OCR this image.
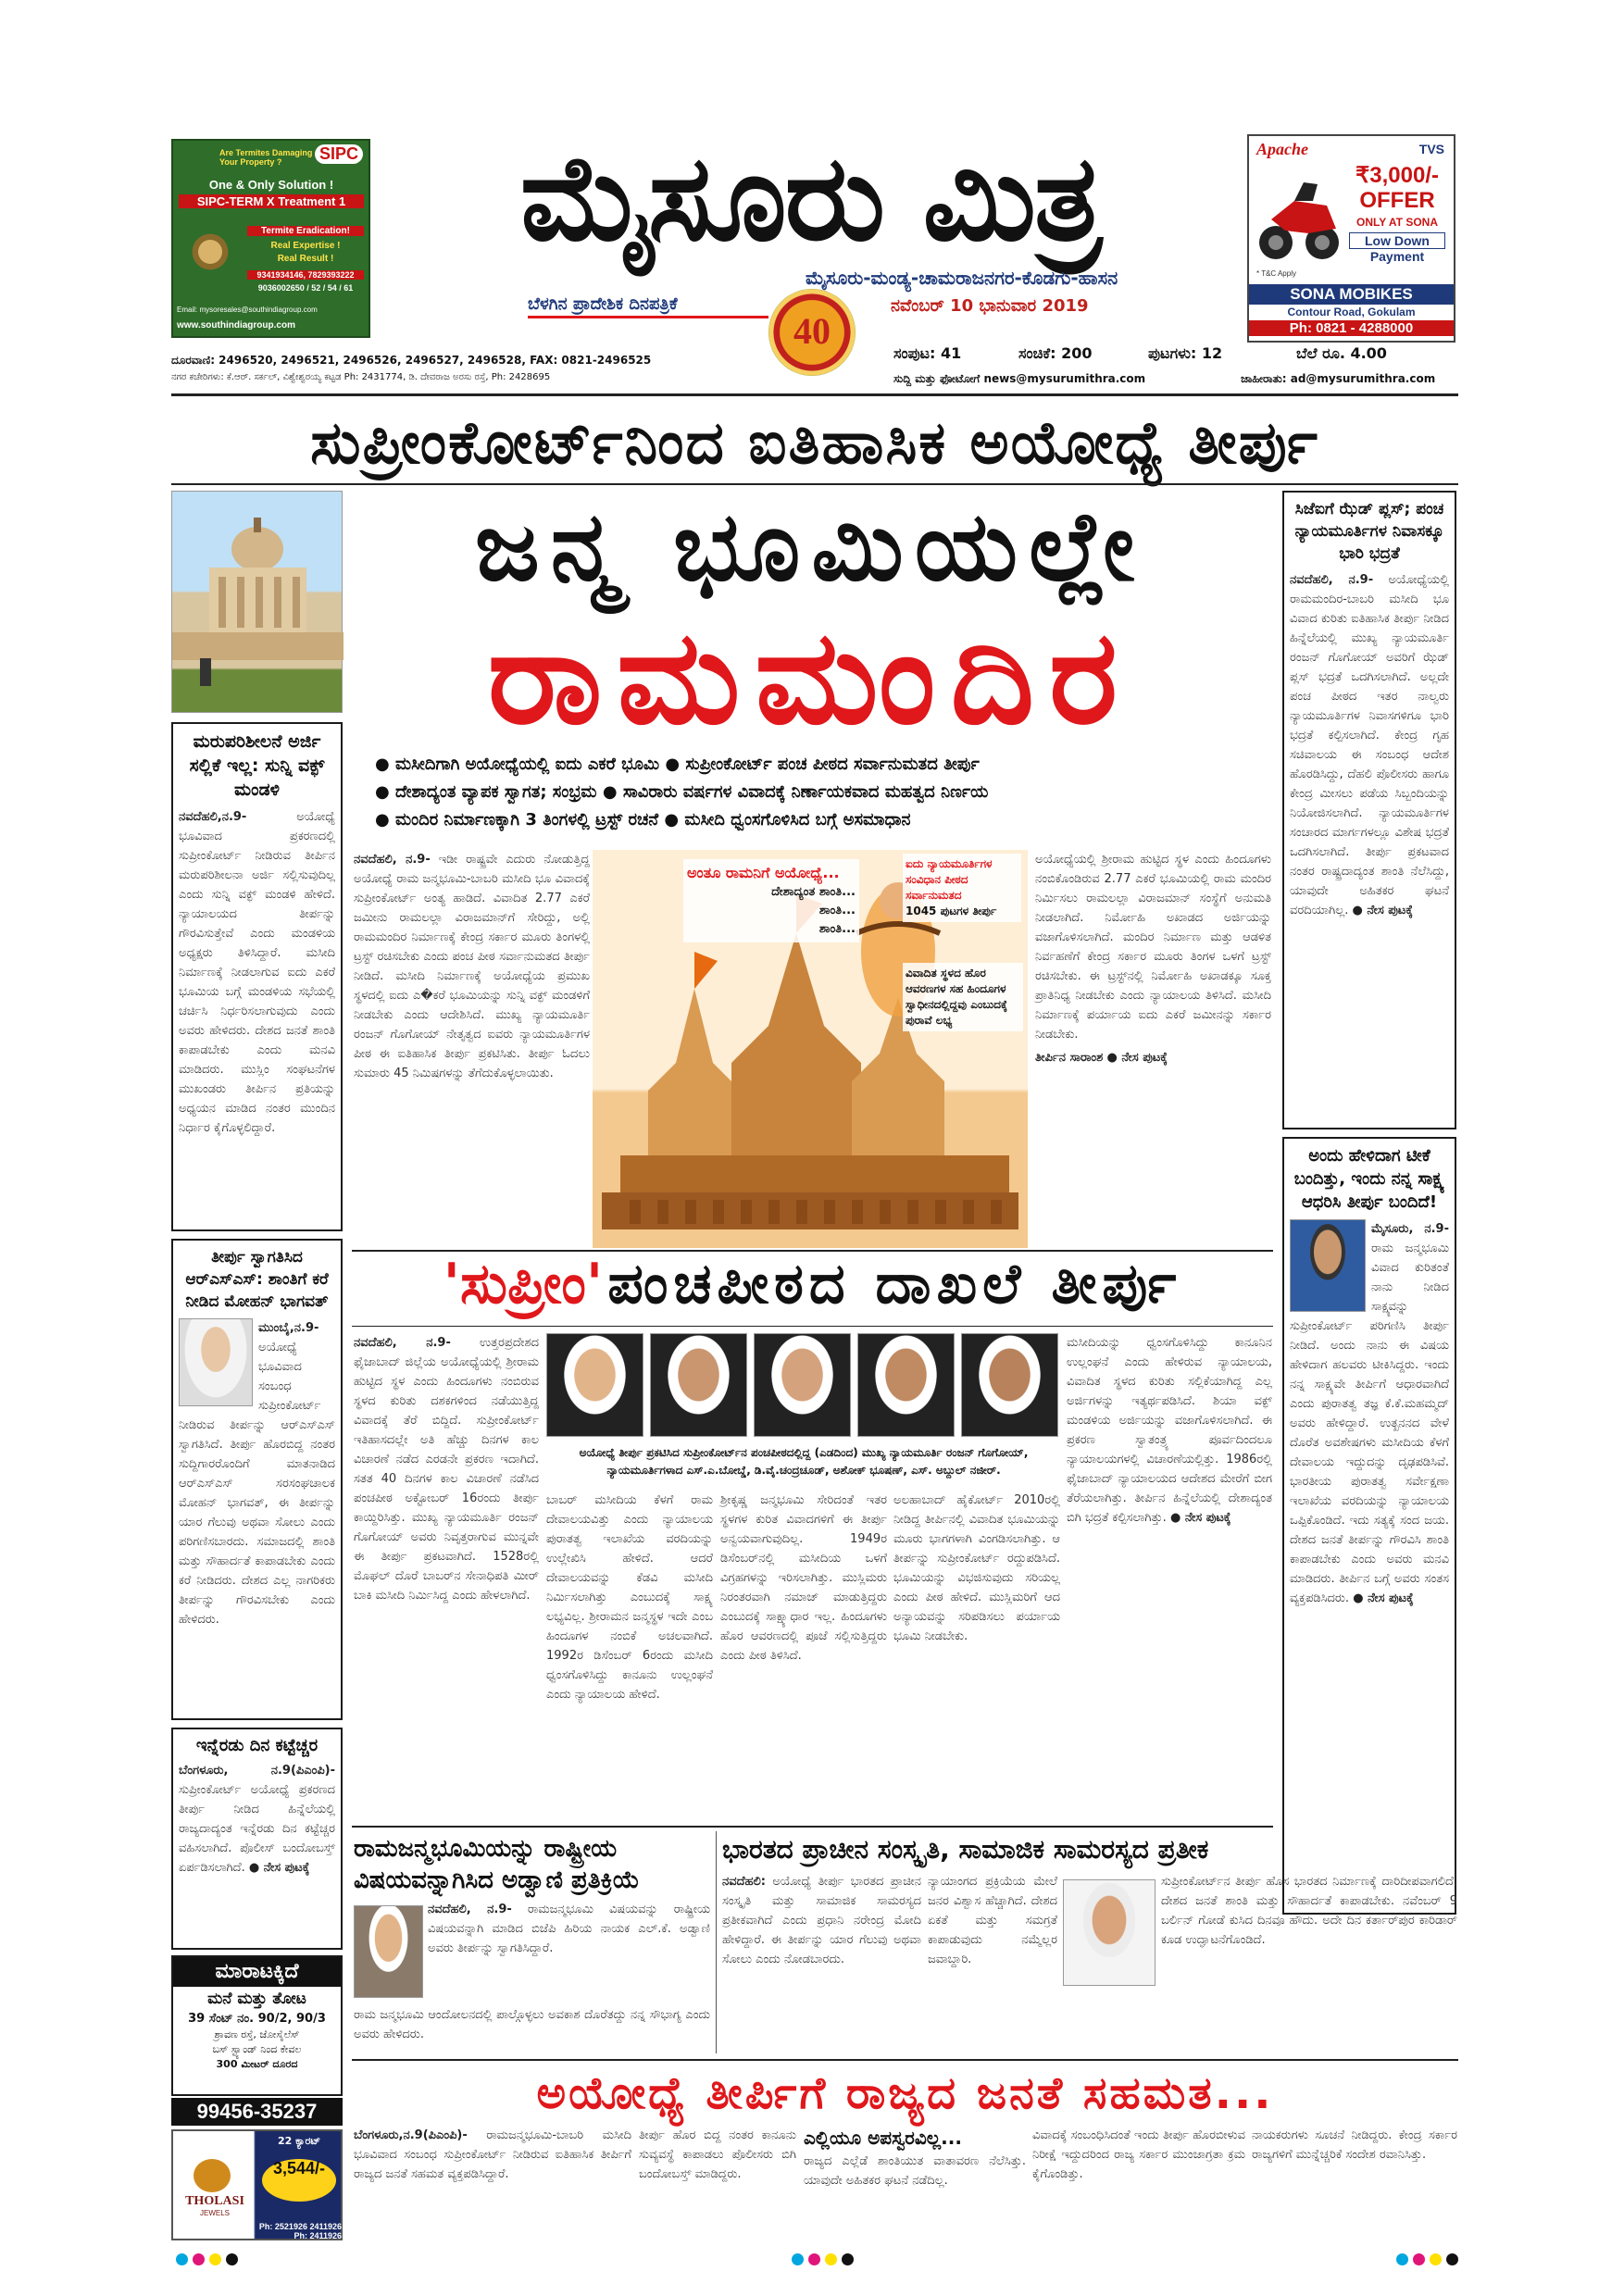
SIPC
Are Termites Damaging Your Property ?
One & Only Solution !
SIPC-TERM X Treatment 1
Termite Eradication!
Real Expertise !
Real Result !
9341934146, 7829393222
9036002650 / 52 / 54 / 61
Email: mysoresales@southindiagroup.com
www.southindiagroup.com
ಮೈಸೂರು ಮಿತ್ರ
ಮೈಸೂರು-ಮಂಡ್ಯ-ಚಾಮರಾಜನಗರ-ಕೊಡಗು-ಹಾಸನ
ಬೆಳಗಿನ ಪ್ರಾದೇಶಿಕ ದಿನಪತ್ರಿಕೆ
40
ನವೆಂಬರ್ 10 ಭಾನುವಾರ 2019
Apache	TVS
₹3,000/-
OFFER
ONLY AT SONA
Low Down
Payment
* T&C Apply
SONA MOBIKES
Contour Road, Gokulam
Ph: 0821 - 4288000
ದೂರವಾಣಿ: 2496520, 2496521, 2496526, 2496527, 2496528, FAX: 0821-2496525
ನಗರ ಕಚೇರಿಗಳು: ಕೆ.ಆರ್. ಸರ್ಕಲ್, ವಿಶ್ವೇಶ್ವರಯ್ಯ ಕಟ್ಟಡ Ph: 2431774, ಡಿ. ದೇವರಾಜ ಅರಸು ರಸ್ತೆ, Ph: 2428695
ಸಂಪುಟ: 41	ಸಂಚಿಕೆ: 200	ಪುಟಗಳು: 12	ಬೆಲೆ ರೂ. 4.00
ಸುದ್ದಿ ಮತ್ತು ಫೋಟೋಗೆ news@mysurumithra.com	ಜಾಹೀರಾತು: ad@mysurumithra.com
ಸುಪ್ರೀಂಕೋರ್ಟ್‌ನಿಂದ ಐತಿಹಾಸಿಕ ಅಯೋಧ್ಯೆ ತೀರ್ಪು
ಜನ್ಮ ಭೂಮಿಯಲ್ಲೇ
ರಾಮಮಂದಿರ
● ಮಸೀದಿಗಾಗಿ ಅಯೋಧ್ಯೆಯಲ್ಲಿ ಐದು ಎಕರೆ ಭೂಮಿ ● ಸುಪ್ರೀಂಕೋರ್ಟ್ ಪಂಚ ಪೀಠದ ಸರ್ವಾನುಮತದ ತೀರ್ಪು
● ದೇಶಾದ್ಯಂತ ವ್ಯಾಪಕ ಸ್ವಾಗತ; ಸಂಭ್ರಮ ● ಸಾವಿರಾರು ವರ್ಷಗಳ ವಿವಾದಕ್ಕೆ ನಿರ್ಣಾಯಕವಾದ ಮಹತ್ವದ ನಿರ್ಣಯ
● ಮಂದಿರ ನಿರ್ಮಾಣಕ್ಕಾಗಿ 3 ತಿಂಗಳಲ್ಲಿ ಟ್ರಸ್ಟ್ ರಚನೆ ● ಮಸೀದಿ ಧ್ವಂಸಗೊಳಿಸಿದ ಬಗ್ಗೆ ಅಸಮಾಧಾನ
ಮರುಪರಿಶೀಲನೆ ಅರ್ಜಿ ಸಲ್ಲಿಕೆ ಇಲ್ಲ: ಸುನ್ನಿ ವಕ್ಫ್ ಮಂಡಳಿ
ನವದೆಹಲಿ,ನ.9-	ಅಯೋಧ್ಯೆ ಭೂವಿವಾದ ಪ್ರಕರಣದಲ್ಲಿ ಸುಪ್ರೀಂಕೋರ್ಟ್ ನೀಡಿರುವ ತೀರ್ಪಿನ ಮರುಪರಿಶೀಲನಾ ಅರ್ಜಿ ಸಲ್ಲಿಸುವುದಿಲ್ಲ ಎಂದು ಸುನ್ನಿ ವಕ್ಫ್ ಮಂಡಳಿ ಹೇಳಿದೆ. ನ್ಯಾಯಾಲಯದ ತೀರ್ಪನ್ನು ಗೌರವಿಸುತ್ತೇವೆ ಎಂದು ಮಂಡಳಿಯ ಅಧ್ಯಕ್ಷರು ತಿಳಿಸಿದ್ದಾರೆ. ಮಸೀದಿ ನಿರ್ಮಾಣಕ್ಕೆ ನೀಡಲಾಗುವ ಐದು ಎಕರೆ ಭೂಮಿಯ ಬಗ್ಗೆ ಮಂಡಳಿಯ ಸಭೆಯಲ್ಲಿ ಚರ್ಚಿಸಿ ನಿರ್ಧರಿಸಲಾಗುವುದು ಎಂದು ಅವರು ಹೇಳಿದರು. ದೇಶದ ಜನತೆ ಶಾಂತಿ ಕಾಪಾಡಬೇಕು ಎಂದು ಮನವಿ ಮಾಡಿದರು. ಮುಸ್ಲಿಂ ಸಂಘಟನೆಗಳ ಮುಖಂಡರು ತೀರ್ಪಿನ ಪ್ರತಿಯನ್ನು ಅಧ್ಯಯನ ಮಾಡಿದ ನಂತರ ಮುಂದಿನ ನಿರ್ಧಾರ ಕೈಗೊಳ್ಳಲಿದ್ದಾರೆ.
ತೀರ್ಪು ಸ್ವಾಗತಿಸಿದ ಆರ್‌ಎಸ್‌ಎಸ್: ಶಾಂತಿಗೆ ಕರೆ ನೀಡಿದ ಮೋಹನ್ ಭಾಗವತ್
ಮುಂಬೈ,ನ.9- ಅಯೋಧ್ಯೆ ಭೂವಿವಾದ ಸಂಬಂಧ ಸುಪ್ರೀಂಕೋರ್ಟ್ ನೀಡಿರುವ ತೀರ್ಪನ್ನು ಆರ್‌ಎಸ್‌ಎಸ್ ಸ್ವಾಗತಿಸಿದೆ. ತೀರ್ಪು ಹೊರಬಿದ್ದ ನಂತರ ಸುದ್ದಿಗಾರರೊಂದಿಗೆ ಮಾತನಾಡಿದ ಆರ್‌ಎಸ್‌ಎಸ್ ಸರಸಂಘಚಾಲಕ ಮೋಹನ್ ಭಾಗವತ್, ಈ ತೀರ್ಪನ್ನು ಯಾರ ಗೆಲುವು ಅಥವಾ ಸೋಲು ಎಂದು ಪರಿಗಣಿಸಬಾರದು. ಸಮಾಜದಲ್ಲಿ ಶಾಂತಿ ಮತ್ತು ಸೌಹಾರ್ದತೆ ಕಾಪಾಡಬೇಕು ಎಂದು ಕರೆ ನೀಡಿದರು. ದೇಶದ ಎಲ್ಲ ನಾಗರಿಕರು ತೀರ್ಪನ್ನು ಗೌರವಿಸಬೇಕು ಎಂದು ಹೇಳಿದರು.
ಇನ್ನೆರಡು ದಿನ ಕಟ್ಟೆಚ್ಚರ
ಬೆಂಗಳೂರು, ನ.9(ಪಿಎಂಪಿ)- ಸುಪ್ರೀಂಕೋರ್ಟ್ ಅಯೋಧ್ಯೆ ಪ್ರಕರಣದ ತೀರ್ಪು ನೀಡಿದ ಹಿನ್ನೆಲೆಯಲ್ಲಿ ರಾಜ್ಯದಾದ್ಯಂತ ಇನ್ನೆರಡು ದಿನ ಕಟ್ಟೆಚ್ಚರ ವಹಿಸಲಾಗಿದೆ. ಪೊಲೀಸ್ ಬಂದೋಬಸ್ತ್ ಏರ್ಪಡಿಸಲಾಗಿದೆ. ● ನೇಸ ಪುಟಕ್ಕೆ
ಮಾರಾಟಕ್ಕಿದೆ
ಮನೆ ಮತ್ತು ತೋಟ
39 ಸೆಂಟ್ ನಂ. 90/2, 90/3
ಶ್ರಾವಣ ರಸ್ತೆ, ಜೋಸೈಲೆಸ್
ಬಸ್ ಸ್ಟ್ಯಾಂಡ್ ನಿಂದ ಕೇವಲ
300 ಮೀಟರ್ ದೂರದ
99456-35237
THOLASI
JEWELS
22 ಕ್ಯಾರಟ್
3,544/-
Ph: 2521926 2411926
Ph: 2411926
ಸಿಜೆಐಗೆ ಝೆಡ್ ಪ್ಲಸ್; ಪಂಚ ನ್ಯಾಯಮೂರ್ತಿಗಳ ನಿವಾಸಕ್ಕೂ ಭಾರಿ ಭದ್ರತೆ
ನವದೆಹಲಿ, ನ.9- ಅಯೋಧ್ಯೆಯಲ್ಲಿ ರಾಮಮಂದಿರ-ಬಾಬರಿ ಮಸೀದಿ ಭೂ ವಿವಾದ ಕುರಿತು ಐತಿಹಾಸಿಕ ತೀರ್ಪು ನೀಡಿದ ಹಿನ್ನೆಲೆಯಲ್ಲಿ ಮುಖ್ಯ ನ್ಯಾಯಮೂರ್ತಿ ರಂಜನ್ ಗೊಗೋಯ್ ಅವರಿಗೆ ಝೆಡ್ ಪ್ಲಸ್ ಭದ್ರತೆ ಒದಗಿಸಲಾಗಿದೆ. ಅಲ್ಲದೇ ಪಂಚ ಪೀಠದ ಇತರ ನಾಲ್ವರು ನ್ಯಾಯಮೂರ್ತಿಗಳ ನಿವಾಸಗಳಿಗೂ ಭಾರಿ ಭದ್ರತೆ ಕಲ್ಪಿಸಲಾಗಿದೆ. ಕೇಂದ್ರ ಗೃಹ ಸಚಿವಾಲಯ ಈ ಸಂಬಂಧ ಆದೇಶ ಹೊರಡಿಸಿದ್ದು, ದೆಹಲಿ ಪೊಲೀಸರು ಹಾಗೂ ಕೇಂದ್ರ ಮೀಸಲು ಪಡೆಯ ಸಿಬ್ಬಂದಿಯನ್ನು ನಿಯೋಜಿಸಲಾಗಿದೆ. ನ್ಯಾಯಮೂರ್ತಿಗಳ ಸಂಚಾರದ ಮಾರ್ಗಗಳಲ್ಲೂ ವಿಶೇಷ ಭದ್ರತೆ ಒದಗಿಸಲಾಗಿದೆ. ತೀರ್ಪು ಪ್ರಕಟವಾದ ನಂತರ ರಾಷ್ಟ್ರದಾದ್ಯಂತ ಶಾಂತಿ ನೆಲೆಸಿದ್ದು, ಯಾವುದೇ ಅಹಿತಕರ ಘಟನೆ ವರದಿಯಾಗಿಲ್ಲ. ● ನೇಸ ಪುಟಕ್ಕೆ
ಅಂದು ಹೇಳಿದಾಗ ಟೀಕೆ ಬಂದಿತ್ತು, ಇಂದು ನನ್ನ ಸಾಕ್ಷ್ಯ ಆಧರಿಸಿ ತೀರ್ಪು ಬಂದಿದೆ!
ಮೈಸೂರು, ನ.9- ರಾಮ ಜನ್ಮಭೂಮಿ ವಿವಾದ ಕುರಿತಂತೆ ನಾನು ನೀಡಿದ ಸಾಕ್ಷ್ಯವನ್ನು ಸುಪ್ರೀಂಕೋರ್ಟ್ ಪರಿಗಣಿಸಿ ತೀರ್ಪು ನೀಡಿದೆ. ಅಂದು ನಾನು ಈ ವಿಷಯ ಹೇಳಿದಾಗ ಹಲವರು ಟೀಕಿಸಿದ್ದರು. ಇಂದು ನನ್ನ ಸಾಕ್ಷ್ಯವೇ ತೀರ್ಪಿಗೆ ಆಧಾರವಾಗಿದೆ ಎಂದು ಪುರಾತತ್ವ ತಜ್ಞ ಕೆ.ಕೆ.ಮಹಮ್ಮದ್ ಅವರು ಹೇಳಿದ್ದಾರೆ. ಉತ್ಖನನದ ವೇಳೆ ದೊರೆತ ಅವಶೇಷಗಳು ಮಸೀದಿಯ ಕೆಳಗೆ ದೇವಾಲಯ ಇದ್ದುದನ್ನು ದೃಢಪಡಿಸಿವೆ. ಭಾರತೀಯ ಪುರಾತತ್ವ ಸರ್ವೇಕ್ಷಣಾ ಇಲಾಖೆಯ ವರದಿಯನ್ನು ನ್ಯಾಯಾಲಯ ಒಪ್ಪಿಕೊಂಡಿದೆ. ಇದು ಸತ್ಯಕ್ಕೆ ಸಂದ ಜಯ. ದೇಶದ ಜನತೆ ತೀರ್ಪನ್ನು ಗೌರವಿಸಿ ಶಾಂತಿ ಕಾಪಾಡಬೇಕು ಎಂದು ಅವರು ಮನವಿ ಮಾಡಿದರು. ತೀರ್ಪಿನ ಬಗ್ಗೆ ಅವರು ಸಂತಸ ವ್ಯಕ್ತಪಡಿಸಿದರು. ● ನೇಸ ಪುಟಕ್ಕೆ
ನವದೆಹಲಿ, ನ.9- ಇಡೀ ರಾಷ್ಟ್ರವೇ ಎದುರು ನೋಡುತ್ತಿದ್ದ ಅಯೋಧ್ಯೆ ರಾಮ ಜನ್ಮಭೂಮಿ-ಬಾಬರಿ ಮಸೀದಿ ಭೂ ವಿವಾದಕ್ಕೆ ಸುಪ್ರೀಂಕೋರ್ಟ್ ಅಂತ್ಯ ಹಾಡಿದೆ. ವಿವಾದಿತ 2.77 ಎಕರೆ ಜಮೀನು ರಾಮಲಲ್ಲಾ ವಿರಾಜಮಾನ್‌ಗೆ ಸೇರಿದ್ದು, ಅಲ್ಲಿ ರಾಮಮಂದಿರ ನಿರ್ಮಾಣಕ್ಕೆ ಕೇಂದ್ರ ಸರ್ಕಾರ ಮೂರು ತಿಂಗಳಲ್ಲಿ ಟ್ರಸ್ಟ್ ರಚಿಸಬೇಕು ಎಂದು ಪಂಚ ಪೀಠ ಸರ್ವಾನುಮತದ ತೀರ್ಪು ನೀಡಿದೆ. ಮಸೀದಿ ನಿರ್ಮಾಣಕ್ಕೆ ಅಯೋಧ್ಯೆಯ ಪ್ರಮುಖ ಸ್ಥಳದಲ್ಲಿ ಐದು ಎ�ಕರೆ ಭೂಮಿಯನ್ನು ಸುನ್ನಿ ವಕ್ಫ್ ಮಂಡಳಿಗೆ ನೀಡಬೇಕು ಎಂದು ಆದೇಶಿಸಿದೆ. ಮುಖ್ಯ ನ್ಯಾಯಮೂರ್ತಿ ರಂಜನ್ ಗೊಗೋಯ್ ನೇತೃತ್ವದ ಐವರು ನ್ಯಾಯಮೂರ್ತಿಗಳ ಪೀಠ ಈ ಐತಿಹಾಸಿಕ ತೀರ್ಪು ಪ್ರಕಟಿಸಿತು. ತೀರ್ಪು ಓದಲು ಸುಮಾರು 45 ನಿಮಿಷಗಳನ್ನು ತೆಗೆದುಕೊಳ್ಳಲಾಯಿತು.
ಅಂತೂ ರಾಮನಿಗೆ ಅಯೋಧ್ಯೆ...
ದೇಶಾದ್ಯಂತ ಶಾಂತಿ...
ಶಾಂತಿ...
ಶಾಂತಿ...
ಐದು ನ್ಯಾಯಮೂರ್ತಿಗಳ ಸಂವಿಧಾನ ಪೀಠದ ಸರ್ವಾನುಮತದ
1045 ಪುಟಗಳ ತೀರ್ಪು
ವಿವಾದಿತ ಸ್ಥಳದ ಹೊರ ಆವರಣಗಳ ಸಹ ಹಿಂದೂಗಳ ಸ್ವಾಧೀನದಲ್ಲಿದ್ದವು ಎಂಬುದಕ್ಕೆ ಪುರಾವೆ ಲಭ್ಯ
ಅಯೋಧ್ಯೆಯಲ್ಲಿ ಶ್ರೀರಾಮ ಹುಟ್ಟಿದ ಸ್ಥಳ ಎಂದು ಹಿಂದೂಗಳು ನಂಬಿಕೊಂಡಿರುವ 2.77 ಎಕರೆ ಭೂಮಿಯಲ್ಲಿ ರಾಮ ಮಂದಿರ ನಿರ್ಮಿಸಲು ರಾಮಲಲ್ಲಾ ವಿರಾಜಮಾನ್ ಸಂಸ್ಥೆಗೆ ಅನುಮತಿ ನೀಡಲಾಗಿದೆ. ನಿರ್ಮೋಹಿ ಅಖಾಡದ ಅರ್ಜಿಯನ್ನು ವಜಾಗೊಳಿಸಲಾಗಿದೆ. ಮಂದಿರ ನಿರ್ಮಾಣ ಮತ್ತು ಆಡಳಿತ ನಿರ್ವಹಣೆಗೆ ಕೇಂದ್ರ ಸರ್ಕಾರ ಮೂರು ತಿಂಗಳ ಒಳಗೆ ಟ್ರಸ್ಟ್ ರಚಿಸಬೇಕು. ಈ ಟ್ರಸ್ಟ್‌ನಲ್ಲಿ ನಿರ್ಮೋಹಿ ಅಖಾಡಕ್ಕೂ ಸೂಕ್ತ ಪ್ರಾತಿನಿಧ್ಯ ನೀಡಬೇಕು ಎಂದು ನ್ಯಾಯಾಲಯ ತಿಳಿಸಿದೆ. ಮಸೀದಿ ನಿರ್ಮಾಣಕ್ಕೆ ಪರ್ಯಾಯ ಐದು ಎಕರೆ ಜಮೀನನ್ನು ಸರ್ಕಾರ ನೀಡಬೇಕು.
ತೀರ್ಪಿನ ಸಾರಾಂಶ ● ನೇಸ ಪುಟಕ್ಕೆ
'ಸುಪ್ರೀಂ' ಪಂಚಪೀಠದ ದಾಖಲೆ ತೀರ್ಪು
ನವದೆಹಲಿ, ನ.9- ಉತ್ತರಪ್ರದೇಶದ ಫೈಜಾಬಾದ್ ಜಿಲ್ಲೆಯ ಅಯೋಧ್ಯೆಯಲ್ಲಿ ಶ್ರೀರಾಮ ಹುಟ್ಟಿದ ಸ್ಥಳ ಎಂದು ಹಿಂದೂಗಳು ನಂಬಿರುವ ಸ್ಥಳದ ಕುರಿತು ದಶಕಗಳಿಂದ ನಡೆಯುತ್ತಿದ್ದ ವಿವಾದಕ್ಕೆ ತೆರೆ ಬಿದ್ದಿದೆ. ಸುಪ್ರೀಂಕೋರ್ಟ್ ಇತಿಹಾಸದಲ್ಲೇ ಅತಿ ಹೆಚ್ಚು ದಿನಗಳ ಕಾಲ ವಿಚಾರಣೆ ನಡೆದ ಎರಡನೇ ಪ್ರಕರಣ ಇದಾಗಿದೆ. ಸತತ 40 ದಿನಗಳ ಕಾಲ ವಿಚಾರಣೆ ನಡೆಸಿದ ಪಂಚಪೀಠ ಅಕ್ಟೋಬರ್ 16ರಂದು ತೀರ್ಪು ಕಾಯ್ದಿರಿಸಿತ್ತು. ಮುಖ್ಯ ನ್ಯಾಯಮೂರ್ತಿ ರಂಜನ್ ಗೊಗೋಯ್ ಅವರು ನಿವೃತ್ತರಾಗುವ ಮುನ್ನವೇ ಈ ತೀರ್ಪು ಪ್ರಕಟವಾಗಿದೆ. 1528ರಲ್ಲಿ ಮೊಘಲ್ ದೊರೆ ಬಾಬರ್‌ನ ಸೇನಾಧಿಪತಿ ಮೀರ್ ಬಾಕಿ ಮಸೀದಿ ನಿರ್ಮಿಸಿದ್ದ ಎಂದು ಹೇಳಲಾಗಿದೆ.
ಅಯೋಧ್ಯೆ ತೀರ್ಪು ಪ್ರಕಟಿಸಿದ ಸುಪ್ರೀಂಕೋರ್ಟ್‌ನ ಪಂಚಪೀಠದಲ್ಲಿದ್ದ (ಎಡದಿಂದ) ಮುಖ್ಯ ನ್ಯಾಯಮೂರ್ತಿ ರಂಜನ್ ಗೊಗೋಯ್, ನ್ಯಾಯಮೂರ್ತಿಗಳಾದ ಎಸ್.ಎ.ಬೋಬ್ಡೆ, ಡಿ.ವೈ.ಚಂದ್ರಚೂಡ್, ಅಶೋಕ್ ಭೂಷಣ್, ಎಸ್. ಅಬ್ದುಲ್ ನಜೀರ್.
ಬಾಬರ್ ಮಸೀದಿಯ ಕೆಳಗೆ ರಾಮ ದೇವಾಲಯವಿತ್ತು ಎಂದು ನ್ಯಾಯಾಲಯ ಪುರಾತತ್ವ ಇಲಾಖೆಯ ವರದಿಯನ್ನು ಉಲ್ಲೇಖಿಸಿ ಹೇಳಿದೆ. ಆದರೆ ದೇವಾಲಯವನ್ನು ಕೆಡವಿ ಮಸೀದಿ ನಿರ್ಮಿಸಲಾಗಿತ್ತು ಎಂಬುದಕ್ಕೆ ಸಾಕ್ಷ್ಯ ಲಭ್ಯವಿಲ್ಲ. ಶ್ರೀರಾಮನ ಜನ್ಮಸ್ಥಳ ಇದೇ ಎಂಬ ಹಿಂದೂಗಳ ನಂಬಿಕೆ ಅಚಲವಾಗಿದೆ. 1992ರ ಡಿಸೆಂಬರ್ 6ರಂದು ಮಸೀದಿ ಧ್ವಂಸಗೊಳಿಸಿದ್ದು ಕಾನೂನು ಉಲ್ಲಂಘನೆ ಎಂದು ನ್ಯಾಯಾಲಯ ಹೇಳಿದೆ.
ಶ್ರೀಕೃಷ್ಣ ಜನ್ಮಭೂಮಿ ಸೇರಿದಂತೆ ಇತರ ಸ್ಥಳಗಳ ಕುರಿತ ವಿವಾದಗಳಿಗೆ ಈ ತೀರ್ಪು ಅನ್ವಯವಾಗುವುದಿಲ್ಲ. 1949ರ ಡಿಸೆಂಬರ್‌ನಲ್ಲಿ ಮಸೀದಿಯ ಒಳಗೆ ವಿಗ್ರಹಗಳನ್ನು ಇರಿಸಲಾಗಿತ್ತು. ಮುಸ್ಲಿಮರು ನಿರಂತರವಾಗಿ ನಮಾಜ್ ಮಾಡುತ್ತಿದ್ದರು ಎಂಬುದಕ್ಕೆ ಸಾಕ್ಷ್ಯಾಧಾರ ಇಲ್ಲ. ಹಿಂದೂಗಳು ಹೊರ ಆವರಣದಲ್ಲಿ ಪೂಜೆ ಸಲ್ಲಿಸುತ್ತಿದ್ದರು ಎಂದು ಪೀಠ ತಿಳಿಸಿದೆ.
ಅಲಹಾಬಾದ್ ಹೈಕೋರ್ಟ್ 2010ರಲ್ಲಿ ನೀಡಿದ್ದ ತೀರ್ಪಿನಲ್ಲಿ ವಿವಾದಿತ ಭೂಮಿಯನ್ನು ಮೂರು ಭಾಗಗಳಾಗಿ ವಿಂಗಡಿಸಲಾಗಿತ್ತು. ಆ ತೀರ್ಪನ್ನು ಸುಪ್ರೀಂಕೋರ್ಟ್ ರದ್ದುಪಡಿಸಿದೆ. ಭೂಮಿಯನ್ನು ವಿಭಜಿಸುವುದು ಸರಿಯಲ್ಲ ಎಂದು ಪೀಠ ಹೇಳಿದೆ. ಮುಸ್ಲಿಮರಿಗೆ ಆದ ಅನ್ಯಾಯವನ್ನು ಸರಿಪಡಿಸಲು ಪರ್ಯಾಯ ಭೂಮಿ ನೀಡಬೇಕು.
ಮಸೀದಿಯನ್ನು ಧ್ವಂಸಗೊಳಿಸಿದ್ದು ಕಾನೂನಿನ ಉಲ್ಲಂಘನೆ ಎಂದು ಹೇಳಿರುವ ನ್ಯಾಯಾಲಯ, ವಿವಾದಿತ ಸ್ಥಳದ ಕುರಿತು ಸಲ್ಲಿಕೆಯಾಗಿದ್ದ ಎಲ್ಲ ಅರ್ಜಿಗಳನ್ನು ಇತ್ಯರ್ಥಪಡಿಸಿದೆ. ಶಿಯಾ ವಕ್ಫ್ ಮಂಡಳಿಯ ಅರ್ಜಿಯನ್ನು ವಜಾಗೊಳಿಸಲಾಗಿದೆ. ಈ ಪ್ರಕರಣ ಸ್ವಾತಂತ್ರ್ಯ ಪೂರ್ವದಿಂದಲೂ ನ್ಯಾಯಾಲಯಗಳಲ್ಲಿ ವಿಚಾರಣೆಯಲ್ಲಿತ್ತು. 1986ರಲ್ಲಿ ಫೈಜಾಬಾದ್ ನ್ಯಾಯಾಲಯದ ಆದೇಶದ ಮೇರೆಗೆ ಬೀಗ ತೆರೆಯಲಾಗಿತ್ತು. ತೀರ್ಪಿನ ಹಿನ್ನೆಲೆಯಲ್ಲಿ ದೇಶಾದ್ಯಂತ ಬಿಗಿ ಭದ್ರತೆ ಕಲ್ಪಿಸಲಾಗಿತ್ತು. ● ನೇಸ ಪುಟಕ್ಕೆ
ರಾಮಜನ್ಮಭೂಮಿಯನ್ನು ರಾಷ್ಟ್ರೀಯ ವಿಷಯವನ್ನಾಗಿಸಿದ ಅಡ್ವಾಣಿ ಪ್ರತಿಕ್ರಿಯೆ
ನವದೆಹಲಿ, ನ.9- ರಾಮಜನ್ಮಭೂಮಿ ವಿಷಯವನ್ನು ರಾಷ್ಟ್ರೀಯ ವಿಷಯವನ್ನಾಗಿ ಮಾಡಿದ ಬಿಜೆಪಿ ಹಿರಿಯ ನಾಯಕ ಎಲ್.ಕೆ. ಅಡ್ವಾಣಿ ಅವರು ತೀರ್ಪನ್ನು ಸ್ವಾಗತಿಸಿದ್ದಾರೆ.
ರಾಮ ಜನ್ಮಭೂಮಿ ಆಂದೋಲನದಲ್ಲಿ ಪಾಲ್ಗೊಳ್ಳಲು ಅವಕಾಶ ದೊರೆತದ್ದು ನನ್ನ ಸೌಭಾಗ್ಯ ಎಂದು ಅವರು ಹೇಳಿದರು.
ಭಾರತದ ಪ್ರಾಚೀನ ಸಂಸ್ಕೃತಿ, ಸಾಮಾಜಿಕ ಸಾಮರಸ್ಯದ ಪ್ರತೀಕ
ನವದೆಹಲಿ: ಅಯೋಧ್ಯೆ ತೀರ್ಪು ಭಾರತದ ಪ್ರಾಚೀನ ಸಂಸ್ಕೃತಿ ಮತ್ತು ಸಾಮಾಜಿಕ ಸಾಮರಸ್ಯದ ಪ್ರತೀಕವಾಗಿದೆ ಎಂದು ಪ್ರಧಾನಿ ನರೇಂದ್ರ ಮೋದಿ ಹೇಳಿದ್ದಾರೆ. ಈ ತೀರ್ಪನ್ನು ಯಾರ ಗೆಲುವು ಅಥವಾ ಸೋಲು ಎಂದು ನೋಡಬಾರದು.
ನ್ಯಾಯಾಂಗದ ಪ್ರಕ್ರಿಯೆಯ ಮೇಲೆ ಜನರ ವಿಶ್ವಾಸ ಹೆಚ್ಚಾಗಿದೆ. ದೇಶದ ಏಕತೆ ಮತ್ತು ಸಮಗ್ರತೆ ಕಾಪಾಡುವುದು ನಮ್ಮೆಲ್ಲರ ಜವಾಬ್ದಾರಿ.
ಸುಪ್ರೀಂಕೋರ್ಟ್‌ನ ತೀರ್ಪು ಹೊಸ ಭಾರತದ ನಿರ್ಮಾಣಕ್ಕೆ ದಾರಿದೀಪವಾಗಲಿದೆ. ದೇಶದ ಜನತೆ ಶಾಂತಿ ಮತ್ತು ಸೌಹಾರ್ದತೆ ಕಾಪಾಡಬೇಕು. ನವೆಂಬರ್ 9 ಬರ್ಲಿನ್ ಗೋಡೆ ಕುಸಿದ ದಿನವೂ ಹೌದು. ಅದೇ ದಿನ ಕರ್ತಾರ್‌ಪುರ ಕಾರಿಡಾರ್ ಕೂಡ ಉದ್ಘಾಟನೆಗೊಂಡಿದೆ.
ಅಯೋಧ್ಯೆ ತೀರ್ಪಿಗೆ ರಾಜ್ಯದ ಜನತೆ ಸಹಮತ...
ಬೆಂಗಳೂರು,ನ.9(ಪಿಎಂಪಿ)- ರಾಮಜನ್ಮಭೂಮಿ-ಬಾಬರಿ ಮಸೀದಿ ಭೂವಿವಾದ ಸಂಬಂಧ ಸುಪ್ರೀಂಕೋರ್ಟ್ ನೀಡಿರುವ ಐತಿಹಾಸಿಕ ತೀರ್ಪಿಗೆ ರಾಜ್ಯದ ಜನತೆ ಸಹಮತ ವ್ಯಕ್ತಪಡಿಸಿದ್ದಾರೆ.
ತೀರ್ಪು ಹೊರ ಬಿದ್ದ ನಂತರ ಕಾನೂನು ಸುವ್ಯವಸ್ಥೆ ಕಾಪಾಡಲು ಪೊಲೀಸರು ಬಿಗಿ ಬಂದೋಬಸ್ತ್ ಮಾಡಿದ್ದರು.
ಎಲ್ಲಿಯೂ ಅಪಸ್ವರವಿಲ್ಲ...
ರಾಜ್ಯದ ಎಲ್ಲೆಡೆ ಶಾಂತಿಯುತ ವಾತಾವರಣ ನೆಲೆಸಿತ್ತು. ಯಾವುದೇ ಅಹಿತಕರ ಘಟನೆ ನಡೆದಿಲ್ಲ.
ವಿವಾದಕ್ಕೆ ಸಂಬಂಧಿಸಿದಂತೆ ಇಂದು ತೀರ್ಪು ಹೊರಬೀಳುವ ನಿರೀಕ್ಷೆ ಇದ್ದುದರಿಂದ ರಾಜ್ಯ ಸರ್ಕಾರ ಮುಂಜಾಗ್ರತಾ ಕ್ರಮ ಕೈಗೊಂಡಿತ್ತು.
ನಾಯಕರುಗಳು ಸೂಚನೆ ನೀಡಿದ್ದರು. ಕೇಂದ್ರ ಸರ್ಕಾರ ರಾಜ್ಯಗಳಿಗೆ ಮುನ್ನೆಚ್ಚರಿಕೆ ಸಂದೇಶ ರವಾನಿಸಿತ್ತು.
